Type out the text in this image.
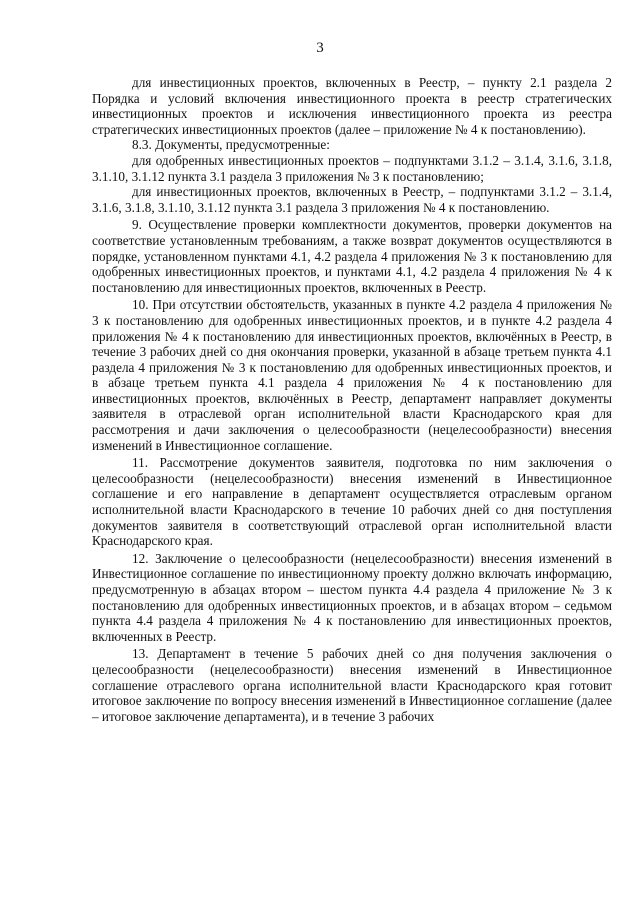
3

для инвестиционных проектов, включенных в Реестр, – пункту 2.1 раздела 2 Порядка и условий включения инвестиционного проекта в реестр стратегических инвестиционных проектов и исключения инвестиционного проекта из реестра стратегических инвестиционных проектов (далее – приложение № 4 к постановлению).

8.3. Документы, предусмотренные:

для одобренных инвестиционных проектов – подпунктами 3.1.2 – 3.1.4, 3.1.6, 3.1.8, 3.1.10, 3.1.12 пункта 3.1 раздела 3 приложения № 3 к постановлению;

для инвестиционных проектов, включенных в Реестр, – подпунктами 3.1.2 – 3.1.4, 3.1.6, 3.1.8, 3.1.10, 3.1.12 пункта 3.1 раздела 3 приложения № 4 к постановлению.

9. Осуществление проверки комплектности документов, проверки документов на соответствие установленным требованиям, а также возврат документов осуществляются в порядке, установленном пунктами 4.1, 4.2 раздела 4 приложения № 3 к постановлению для одобренных инвестиционных проектов, и пунктами 4.1, 4.2 раздела 4 приложения № 4 к постановлению для инвестиционных проектов, включенных в Реестр.

10. При отсутствии обстоятельств, указанных в пункте 4.2 раздела 4 приложения № 3 к постановлению для одобренных инвестиционных проектов, и в пункте 4.2 раздела 4 приложения № 4 к постановлению для инвестиционных проектов, включённых в Реестр, в течение 3 рабочих дней со дня окончания проверки, указанной в абзаце третьем пункта 4.1 раздела 4 приложения № 3 к постановлению для одобренных инвестиционных проектов, и в абзаце третьем пункта 4.1 раздела 4 приложения № 4 к постановлению для инвестиционных проектов, включённых в Реестр, департамент направляет документы заявителя в отраслевой орган исполнительной власти Краснодарского края для рассмотрения и дачи заключения о целесообразности (нецелесообразности) внесения изменений в Инвестиционное соглашение.

11. Рассмотрение документов заявителя, подготовка по ним заключения о целесообразности (нецелесообразности) внесения изменений в Инвестиционное соглашение и его направление в департамент осуществляется отраслевым органом исполнительной власти Краснодарского в течение 10 рабочих дней со дня поступления документов заявителя в соответствующий отраслевой орган исполнительной власти Краснодарского края.

12. Заключение о целесообразности (нецелесообразности) внесения изменений в Инвестиционное соглашение по инвестиционному проекту должно включать информацию, предусмотренную в абзацах втором – шестом пункта 4.4 раздела 4 приложение № 3 к постановлению для одобренных инвестиционных проектов, и в абзацах втором – седьмом пункта 4.4 раздела 4 приложения № 4 к постановлению для инвестиционных проектов, включенных в Реестр.

13. Департамент в течение 5 рабочих дней со дня получения заключения о целесообразности (нецелесообразности) внесения изменений в Инвестиционное соглашение отраслевого органа исполнительной власти Краснодарского края готовит итоговое заключение по вопросу внесения изменений в Инвестиционное соглашение (далее – итоговое заключение департамента), и в течение 3 рабочих
